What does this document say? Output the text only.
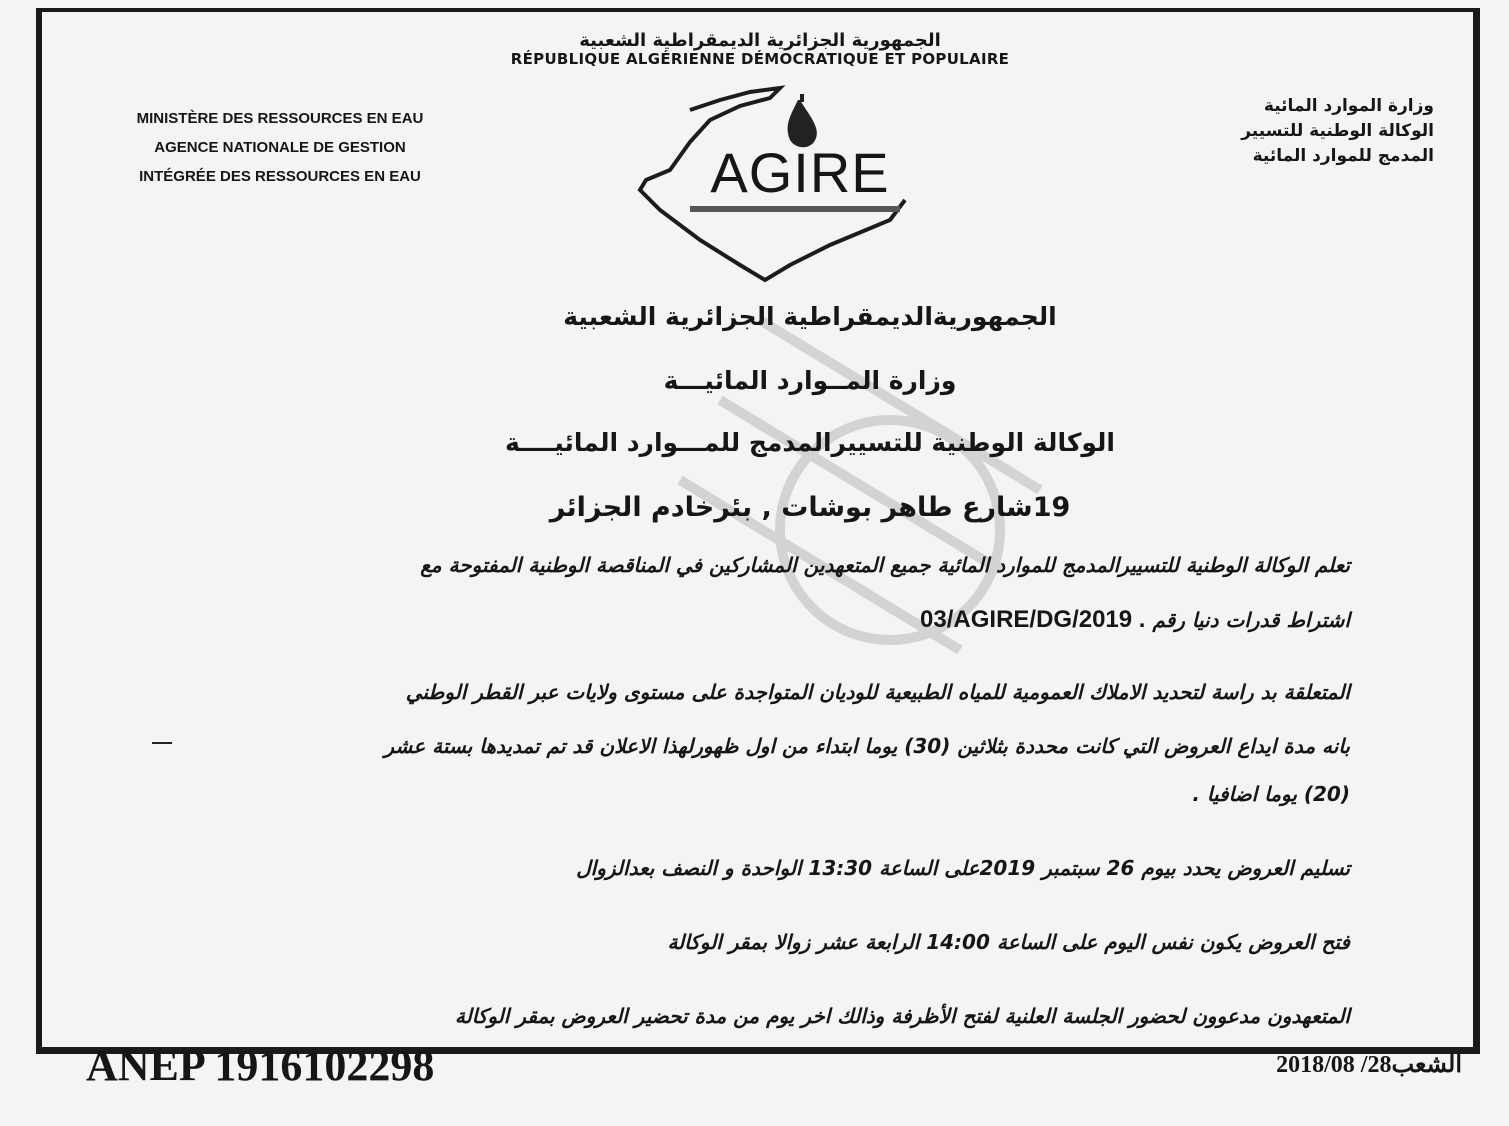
الجمهورية الجزائرية الديمقراطية الشعبية
RÉPUBLIQUE ALGÉRIENNE DÉMOCRATIQUE ET POPULAIRE
MINISTÈRE DES RESSOURCES EN EAU
AGENCE NATIONALE DE GESTION
INTÉGRÉE DES RESSOURCES EN EAU
وزارة الموارد المائية
الوكالة الوطنية للتسيير
المدمج للموارد المائية
AGIRE
الجمهوريةالديمقراطية الجزائرية الشعبية
وزارة المــوارد المائيـــة
الوكالة الوطنية للتسييرالمدمج للمـــوارد المائيــــة
19شارع طاهر بوشات , بئرخادم الجزائر
تعلم الوكالة الوطنية للتسييرالمدمج للموارد المائية جميع المتعهدين المشاركين في المناقصة الوطنية المفتوحة مع
اشتراط قدرات دنيا رقم 03/AGIRE/DG/2019 .
المتعلقة بد راسة لتحديد الاملاك العمومية للمياه الطبيعية للوديان المتواجدة على مستوى ولايات عبر القطر الوطني
بانه مدة ايداع العروض التي كانت محددة بثلاثين (30) يوما ابتداء من اول ظهورلهذا الاعلان قد تم تمديدها بستة عشر
(20) يوما اضافيا .
تسليم العروض يحدد بيوم 26 سبتمبر 2019على الساعة 13:30 الواحدة و النصف بعدالزوال
فتح العروض يكون نفس اليوم على الساعة 14:00 الرابعة عشر زوالا بمقر الوكالة
المتعهدون مدعوون لحضور الجلسة العلنية لفتح الأظرفة وذالك اخر يوم من مدة تحضير العروض بمقر الوكالة
ANEP 1916102298	الشعب28/ 2018/08
